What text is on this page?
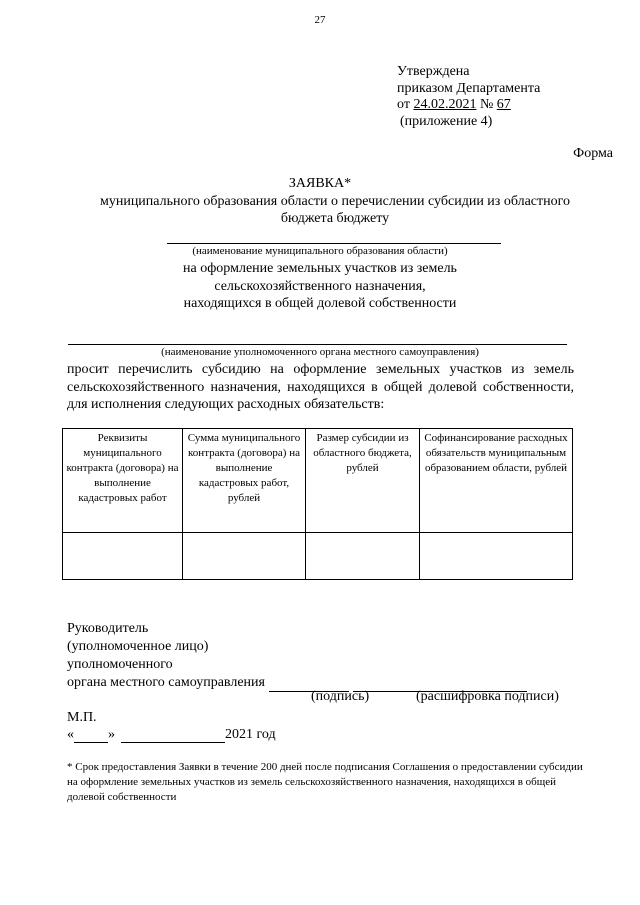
27
Утверждена
приказом Департамента
от 24.02.2021 № 67
(приложение 4)
Форма
ЗАЯВКА*
муниципального образования области о перечислении субсидии из областного бюджета бюджету
(наименование муниципального образования области)
на оформление земельных участков из земель
сельскохозяйственного назначения,
находящихся в общей долевой собственности
(наименование уполномоченного органа местного самоуправления)
просит перечислить субсидию на оформление земельных участков из земель
сельскохозяйственного назначения, находящихся в общей долевой собственности,
для исполнения следующих расходных обязательств:
Реквизиты муниципального контракта (договора) на выполнение кадастровых работ	Сумма муниципального контракта (договора) на выполнение кадастровых работ, рублей	Размер субсидии из областного бюджета, рублей	Софинансирование расходных обязательств муниципальным образованием области, рублей

Руководитель
(уполномоченное лицо)
уполномоченного
органа местного самоуправления
(подпись)	(расшифровка подписи)
М.П.
« »	2021 год
* Срок предоставления Заявки в течение 200 дней после подписания Соглашения о предоставлении субсидии на оформление земельных участков из земель сельскохозяйственного назначения, находящихся в общей долевой собственности
